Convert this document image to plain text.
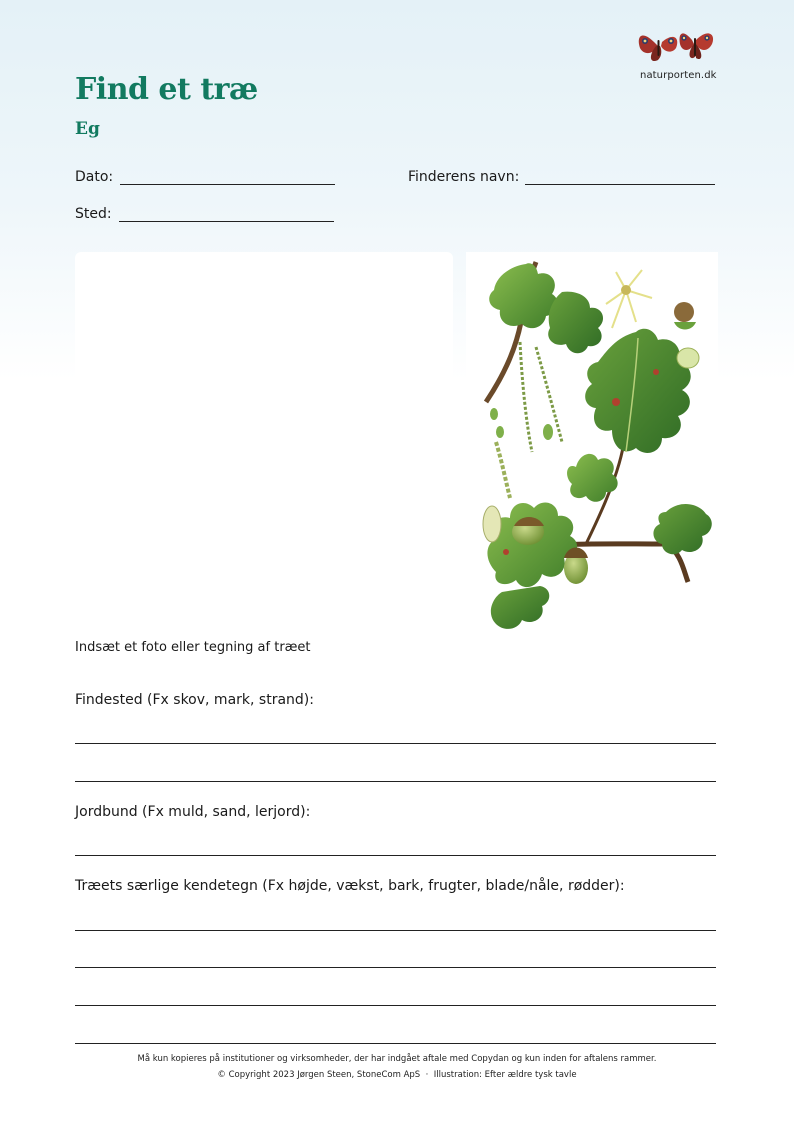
naturporten.dk
Find et træ
Eg
Dato:	Finderens navn:
Sted:
Indsæt et foto eller tegning af træet
Findested (Fx skov, mark, strand):
Jordbund (Fx muld, sand, lerjord):
Træets særlige kendetegn (Fx højde, vækst, bark, frugter, blade/nåle, rødder):
Må kun kopieres på institutioner og virksomheder, der har indgået aftale med Copydan og kun inden for aftalens rammer.
© Copyright 2023 Jørgen Steen, StoneCom ApS · Illustration: Efter ældre tysk tavle
